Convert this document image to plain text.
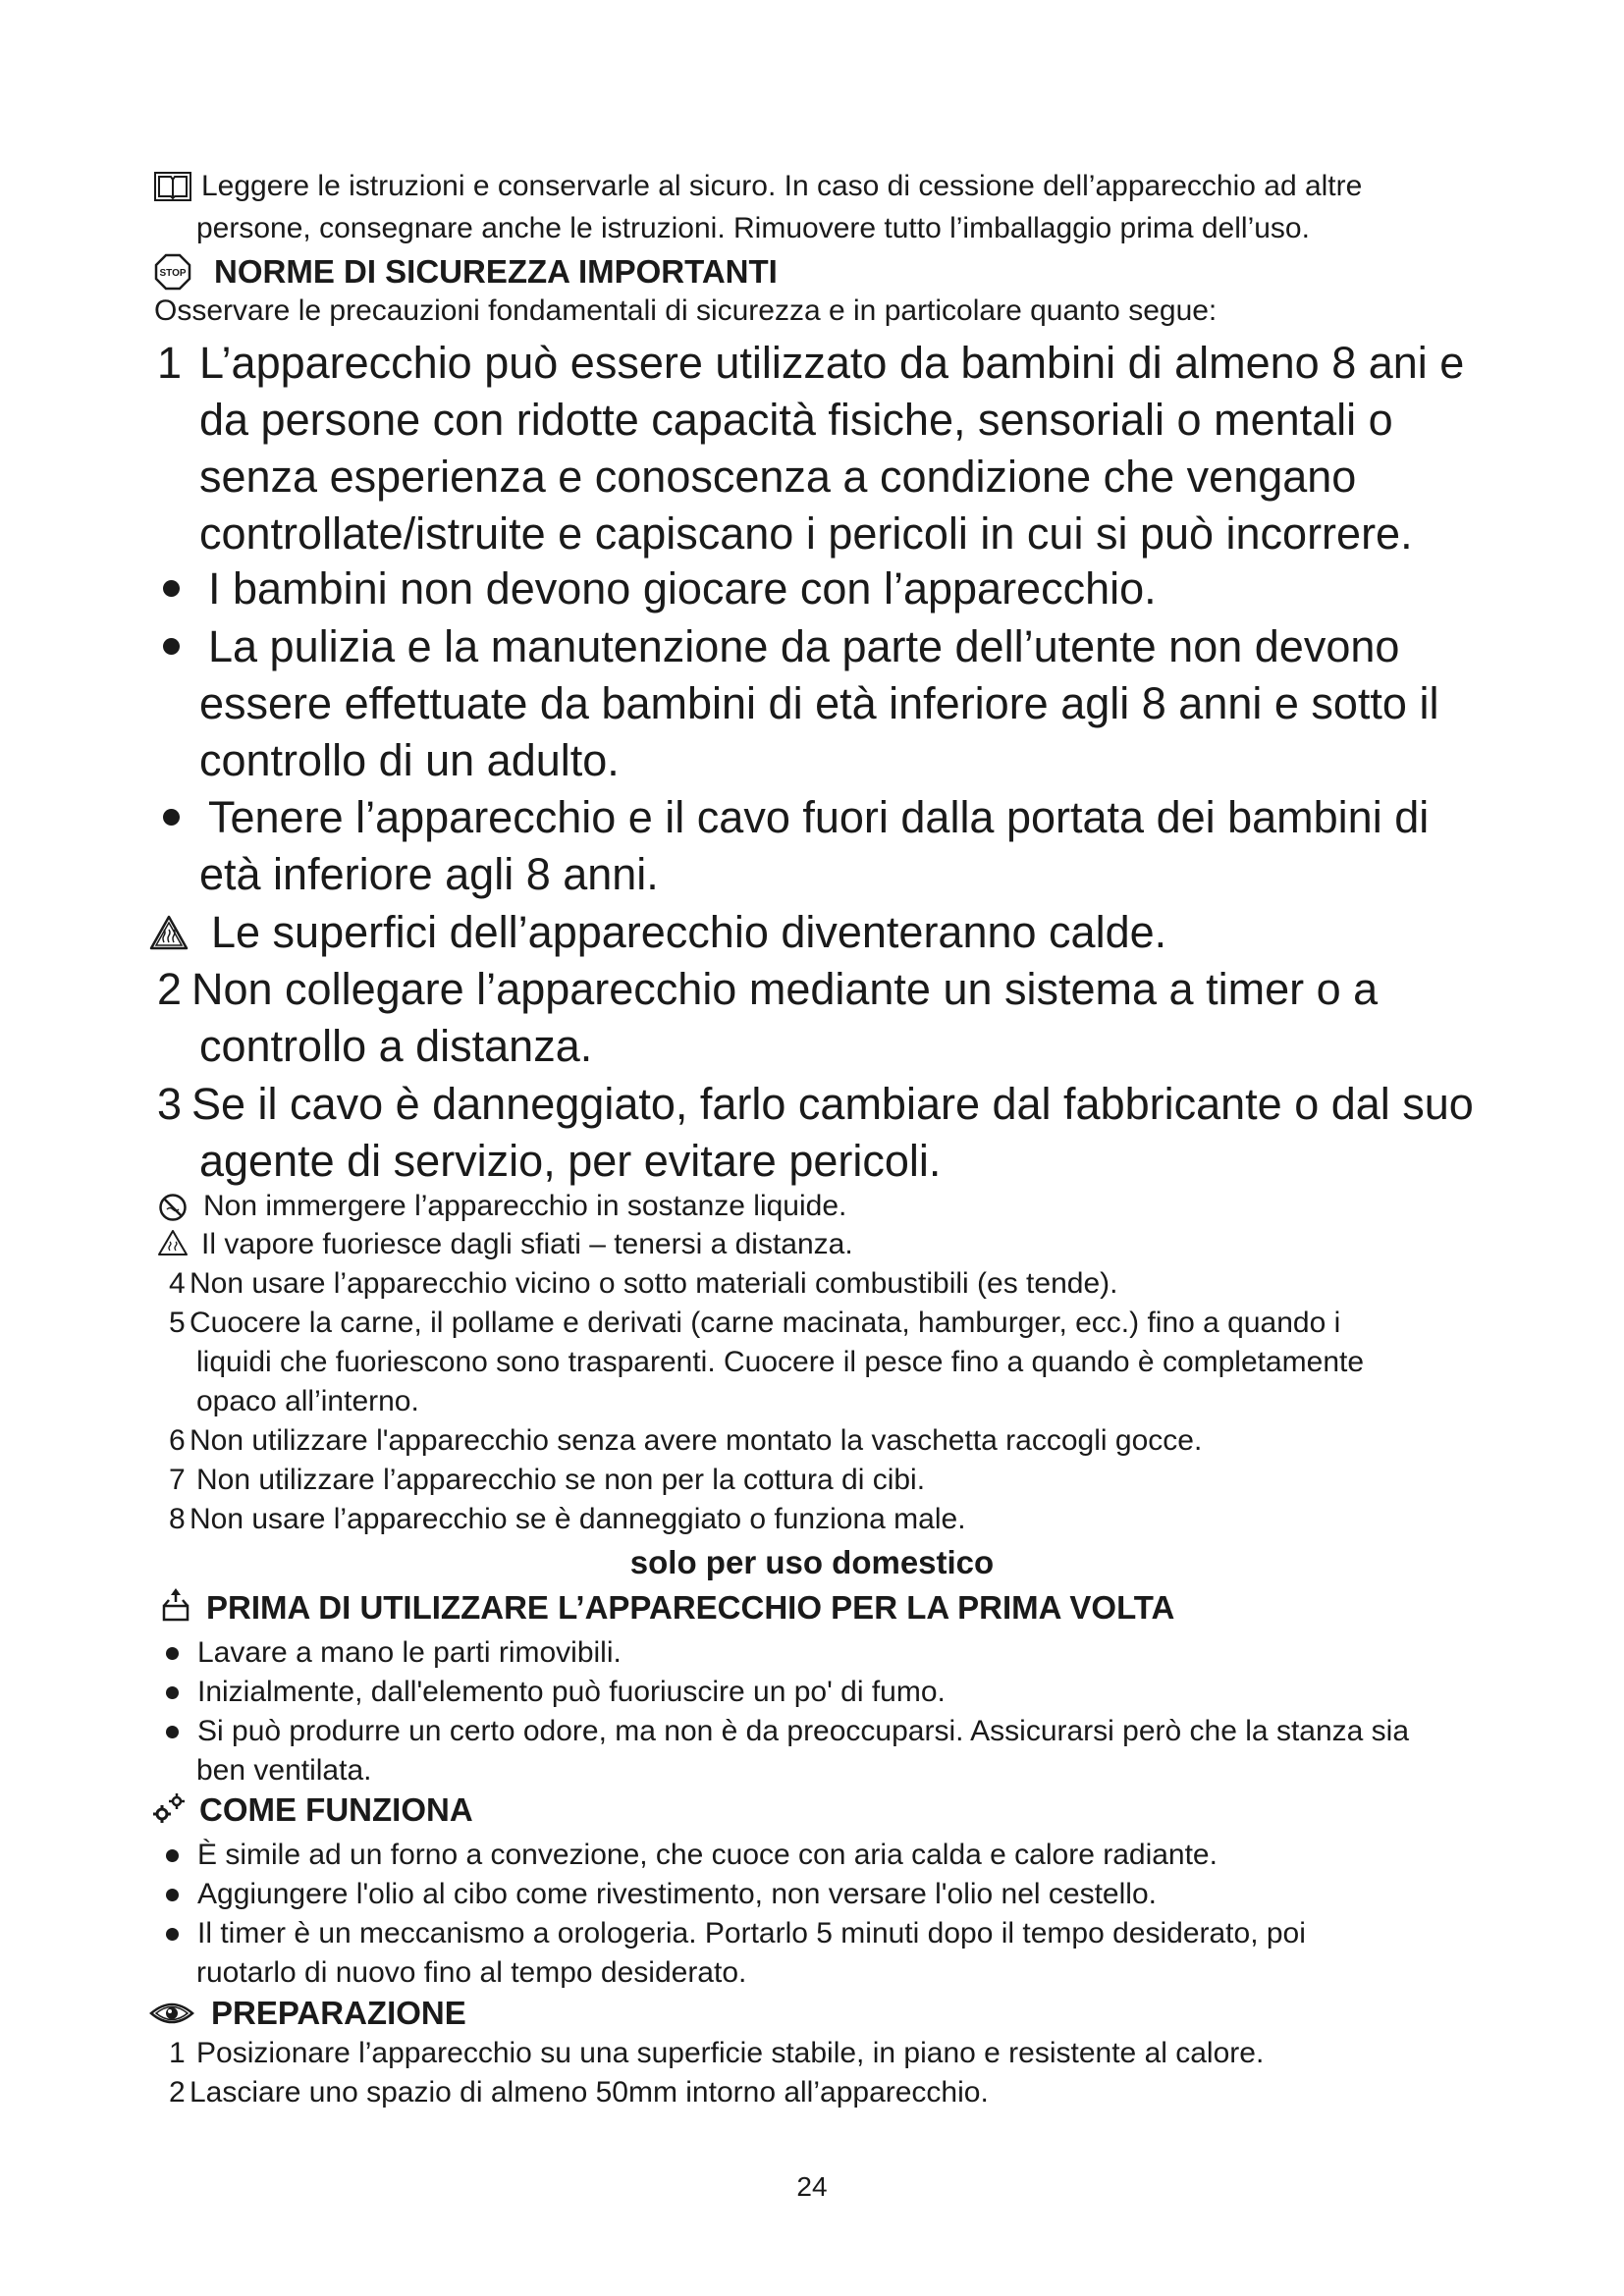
Leggere le istruzioni e conservarle al sicuro. In caso di cessione dell’apparecchio ad altre
persone, consegnare anche le istruzioni. Rimuovere tutto l’imballaggio prima dell’uso.
STOP NORME DI SICUREZZA IMPORTANTI
Osservare le precauzioni fondamentali di sicurezza e in particolare quanto segue:
1 L’apparecchio può essere utilizzato da bambini di almeno 8 ani e
da persone con ridotte capacità fisiche, sensoriali o mentali o
senza esperienza e conoscenza a condizione che vengano
controllate/istruite e capiscano i pericoli in cui si può incorrere.
I bambini non devono giocare con l’apparecchio.
La pulizia e la manutenzione da parte dell’utente non devono
essere effettuate da bambini di età inferiore agli 8 anni e sotto il
controllo di un adulto.
Tenere l’apparecchio e il cavo fuori dalla portata dei bambini di
età inferiore agli 8 anni.
Le superfici dell’apparecchio diventeranno calde.
2 Non collegare l’apparecchio mediante un sistema a timer o a
controllo a distanza.
3 Se il cavo è danneggiato, farlo cambiare dal fabbricante o dal suo
agente di servizio, per evitare pericoli.
Non immergere l’apparecchio in sostanze liquide.
Il vapore fuoriesce dagli sfiati – tenersi a distanza.
4 Non usare l’apparecchio vicino o sotto materiali combustibili (es tende).
5 Cuocere la carne, il pollame e derivati (carne macinata, hamburger, ecc.) fino a quando i
liquidi che fuoriescono sono trasparenti. Cuocere il pesce fino a quando è completamente
opaco all’interno.
6 Non utilizzare l'apparecchio senza avere montato la vaschetta raccogli gocce.
7 Non utilizzare l’apparecchio se non per la cottura di cibi.
8 Non usare l’apparecchio se è danneggiato o funziona male.
solo per uso domestico
PRIMA DI UTILIZZARE L’APPARECCHIO PER LA PRIMA VOLTA
Lavare a mano le parti rimovibili.
Inizialmente, dall'elemento può fuoriuscire un po' di fumo.
Si può produrre un certo odore, ma non è da preoccuparsi. Assicurarsi però che la stanza sia
ben ventilata.
COME FUNZIONA
È simile ad un forno a convezione, che cuoce con aria calda e calore radiante.
Aggiungere l'olio al cibo come rivestimento, non versare l'olio nel cestello.
Il timer è un meccanismo a orologeria. Portarlo 5 minuti dopo il tempo desiderato, poi
ruotarlo di nuovo fino al tempo desiderato.
PREPARAZIONE
1 Posizionare l’apparecchio su una superficie stabile, in piano e resistente al calore.
2 Lasciare uno spazio di almeno 50mm intorno all’apparecchio.
24
